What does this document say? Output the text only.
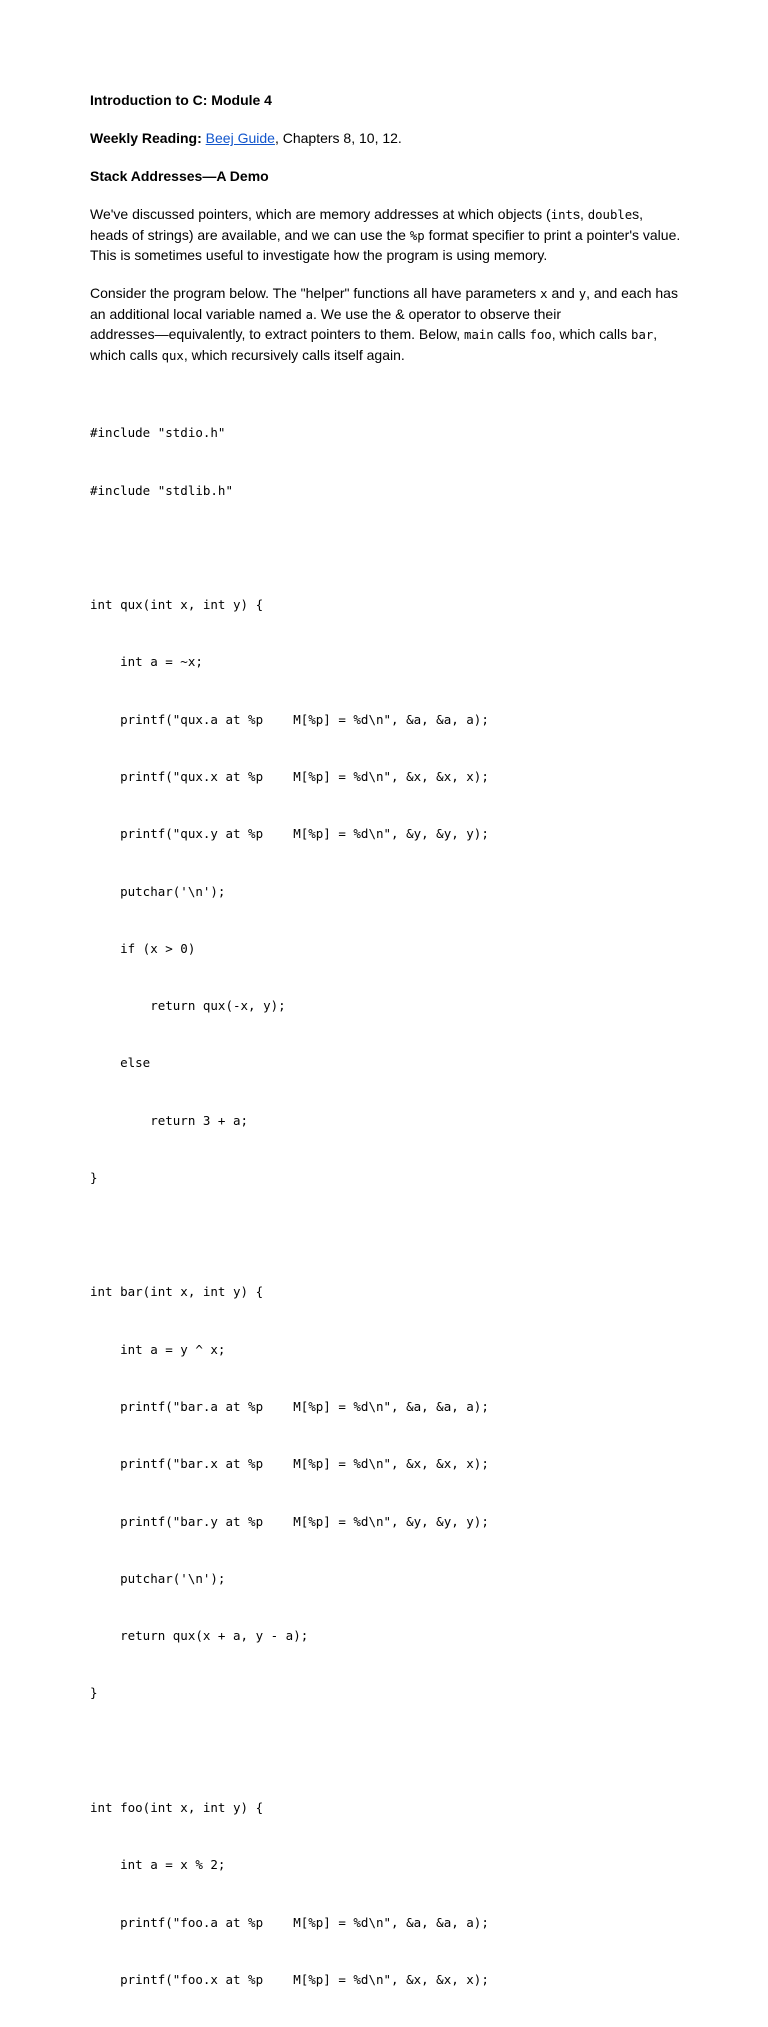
Introduction to C: Module 4

Weekly Reading: Beej Guide, Chapters 8, 10, 12.

Stack Addresses—A Demo

We've discussed pointers, which are memory addresses at which objects (ints, doubles,
heads of strings) are available, and we can use the %p format specifier to print a pointer's value.
This is sometimes useful to investigate how the program is using memory.

Consider the program below. The "helper" functions all have parameters x and y, and each has
an additional local variable named a. We use the & operator to observe their
addresses—equivalently, to extract pointers to them. Below, main calls foo, which calls bar,
which calls qux, which recursively calls itself again.

#include "stdio.h"

#include "stdlib.h"

int qux(int x, int y) {

int a = ~x;

printf("qux.a at %p    M[%p] = %d\n", &a, &a, a);

printf("qux.x at %p    M[%p] = %d\n", &x, &x, x);

printf("qux.y at %p    M[%p] = %d\n", &y, &y, y);

putchar('\n');

if (x > 0)

return qux(-x, y);

else

return 3 + a;

}

int bar(int x, int y) {

int a = y ^ x;

printf("bar.a at %p    M[%p] = %d\n", &a, &a, a);

printf("bar.x at %p    M[%p] = %d\n", &x, &x, x);

printf("bar.y at %p    M[%p] = %d\n", &y, &y, y);

putchar('\n');

return qux(x + a, y - a);

}

int foo(int x, int y) {

int a = x % 2;

printf("foo.a at %p    M[%p] = %d\n", &a, &a, a);

printf("foo.x at %p    M[%p] = %d\n", &x, &x, x);
